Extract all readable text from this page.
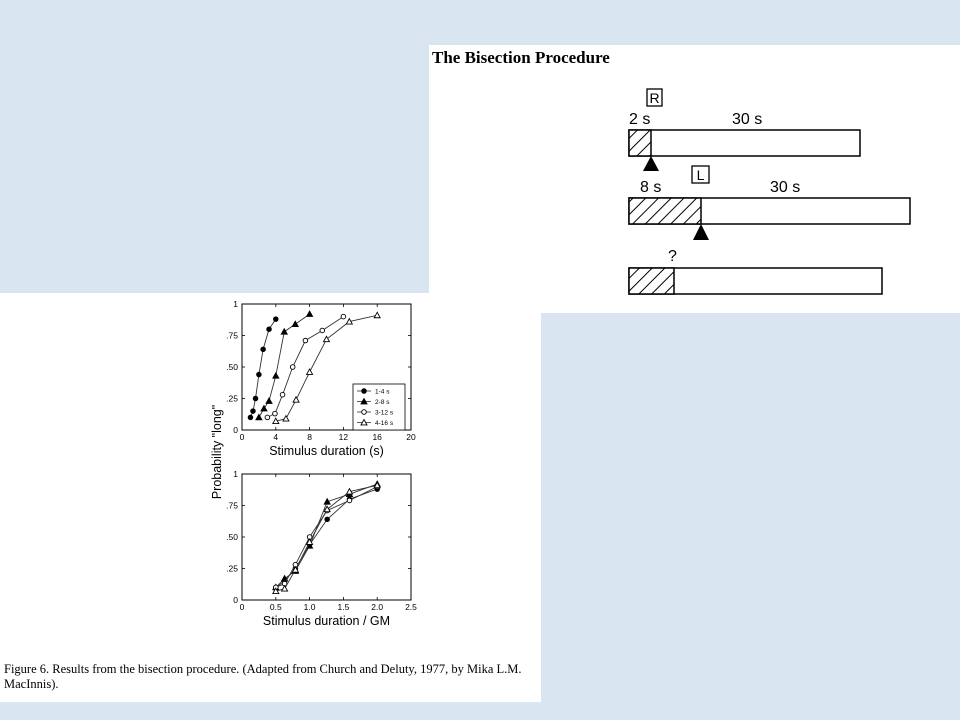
The Bisection Procedure
R
2 s	30 s
8 s
L
30 s
?
0	4	8	12	16	20
0
.25
.50
.75
1
Stimulus duration (s)
1-4 s
2-8 s
3-12 s
4-16 s
0	0.5	1.0	1.5	2.0	2.5
0
.25
.50
.75
1
Stimulus duration / GM
Probability "long"

Figure 6. Results from the bisection procedure. (Adapted from Church and Deluty, 1977, by Mika L.M. MacInnis).
